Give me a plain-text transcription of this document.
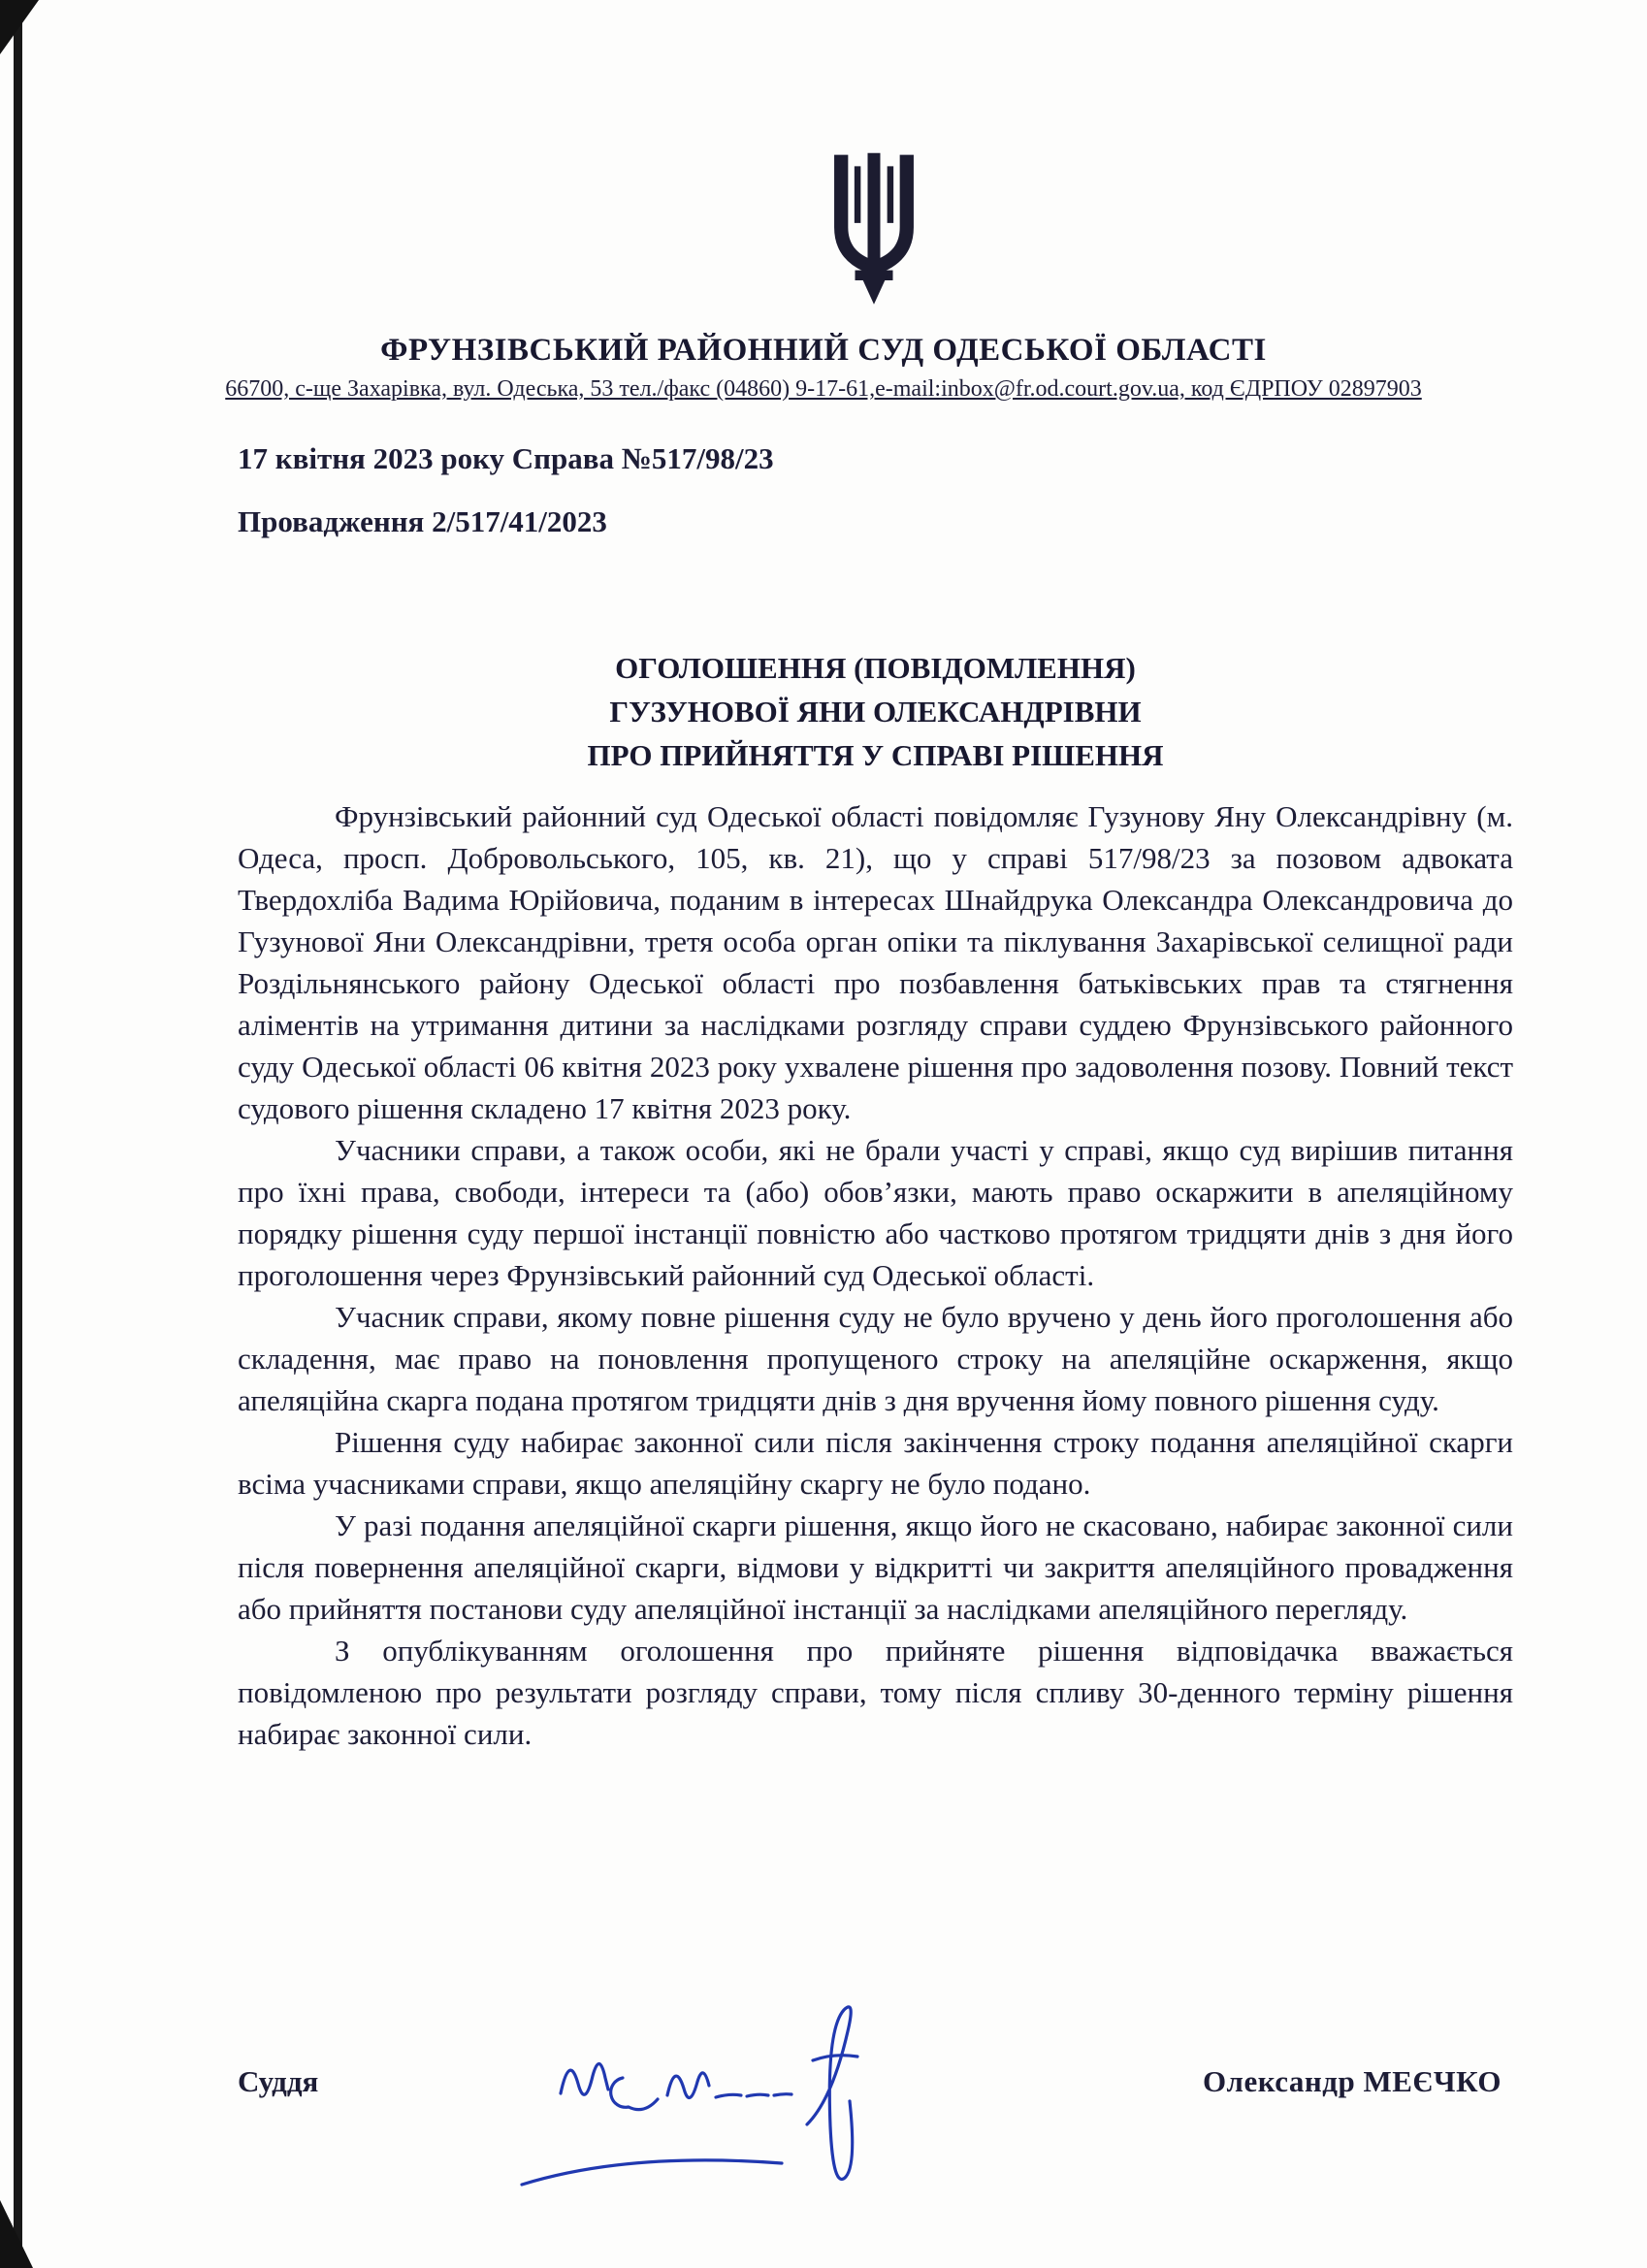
ФРУНЗІВСЬКИЙ РАЙОННИЙ СУД ОДЕСЬКОЇ ОБЛАСТІ
66700, с-ще Захарівка, вул. Одеська, 53 тел./факс (04860) 9-17-61,e-mail:inbox@fr.od.court.gov.ua, код ЄДРПОУ 02897903
17 квітня 2023 року Справа №517/98/23
Провадження 2/517/41/2023
ОГОЛОШЕННЯ (ПОВІДОМЛЕННЯ)
ГУЗУНОВОЇ ЯНИ ОЛЕКСАНДРІВНИ
ПРО ПРИЙНЯТТЯ У СПРАВІ РІШЕННЯ

Фрунзівський районний суд Одеської області повідомляє Гузунову Яну Олександрівну (м. Одеса, просп. Добровольського, 105, кв. 21), що у справі 517/98/23 за позовом адвоката Твердохліба Вадима Юрійовича, поданим в інтересах Шнайдрука Олександра Олександровича до Гузунової Яни Олександрівни, третя особа орган опіки та піклування Захарівської селищної ради Роздільнянського району Одеської області про позбавлення батьківських прав та стягнення аліментів на утримання дитини за наслідками розгляду справи суддею Фрунзівського районного суду Одеської області 06 квітня 2023 року ухвалене рішення про задоволення позову. Повний текст судового рішення складено 17 квітня 2023 року.

Учасники справи, а також особи, які не брали участі у справі, якщо суд вирішив питання про їхні права, свободи, інтереси та (або) обов’язки, мають право оскаржити в апеляційному порядку рішення суду першої інстанції повністю або частково протягом тридцяти днів з дня його проголошення через Фрунзівський районний суд Одеської області.

Учасник справи, якому повне рішення суду не було вручено у день його проголошення або складення, має право на поновлення пропущеного строку на апеляційне оскарження, якщо апеляційна скарга подана протягом тридцяти днів з дня вручення йому повного рішення суду.

Рішення суду набирає законної сили після закінчення строку подання апеляційної скарги всіма учасниками справи, якщо апеляційну скаргу не було подано.

У разі подання апеляційної скарги рішення, якщо його не скасовано, набирає законної сили після повернення апеляційної скарги, відмови у відкритті чи закриття апеляційного провадження або прийняття постанови суду апеляційної інстанції за наслідками апеляційного перегляду.

З опублікуванням оголошення про прийняте рішення відповідачка вважається повідомленою про результати розгляду справи, тому після спливу 30-денного терміну рішення набирає законної сили.

Суддя	Олександр МЕЄЧКО
